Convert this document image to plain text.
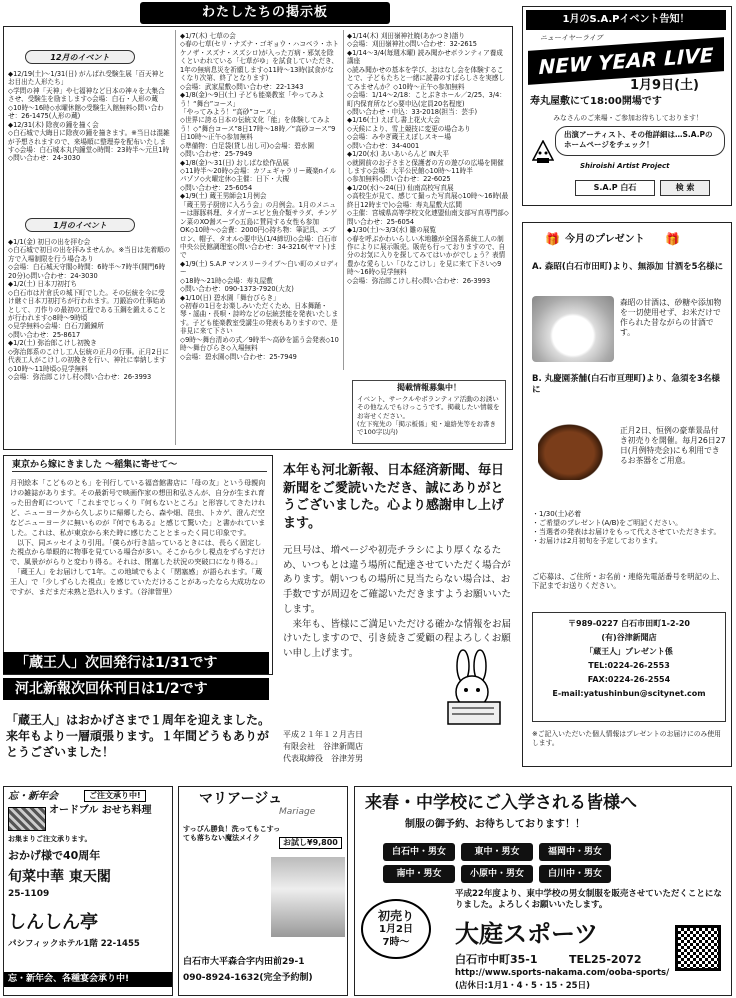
わたしたちの掲示板
12月のイベント
◆12/19(土)〜1/31(日) がんばれ受験生展「百天神とお目出た人形たち」
◇学問の神「天神」や七福神など日本の神々を大集合させ、受験生を励まします◇会場：白石・人形の蔵◇10時〜16時◇水曜休館◇受験生入館無料◇問い合わせ：26-1475(人形の蔵)
◆12/31(木) 除夜の鐘を撞く会
◇白石城で大晦日に除夜の鐘を撞きます。※当日は混雑が予想されますので、来場順に整理券を配布いたします◇会場：白石城本丸内鐘堂◇時間：23時半〜元旦1時◇問い合わせ：24-3030
1月のイベント
◆1/1(金) 初日の出を拝む会
◇白石城で初日の出を拝みませんか。※当日は先着順の方で入場制限を行う場合あり
◇会場：白石城天守閣◇時間：6時半〜7時半(開門6時20分)◇問い合わせ：24-3030
◆1/2(土) 日本刀初打ち
◇白石市は片倉氏の城下町でした。その伝統を今に受け継ぐ日本刀初打ちが行われます。刀鍛冶の仕事始めとして、刀作りの最初の工程である玉鋼を鍛えることが行われます◇8時〜9時頃
◇見学無料◇会場：白石刀鍛錬所
◇問い合わせ：25-8617
◆1/2(土) 弥治郎こけし初挽き
◇弥治郎系のこけし工人伝統の正月の行事。正月2日に代表工人がこけしの初挽きを行い、神社に奉納します◇10時〜11時頃◇見学無料
◇会場：弥治郎こけし村◇問い合わせ：26-3993
◆1/7(木) 七草の会
◇春の七草(セリ・ナズナ・ゴギョウ・ハコベラ・ホトケノザ・スズナ・スズシロ)が入った万病・邪気を除くといわれている「七草がゆ」を試食していただき、1年の無病息災を祈願します◇11時〜13時(試食がなくなり次第、終了となります)
◇会場：武家屋敷◇問い合わせ：22-1343
◆1/8(金)〜9日(土) 子ども能楽教室「やってみよう！“舞台”コース」
「やってみよう！“高砂”コース」
◇世界に誇る日本の伝統文化「能」を体験してみよう！◇“舞台コース”8日17時〜18時／“高砂コース”9日10時〜正午◇参加無料
◇準備物：白足袋(貸し出し可)◇会場：碧水園
◇問い合わせ：25-7949
◆1/8(金)〜31(日) おしばな絵作品展
◇11時半〜20時◇会場：カフェギャラリー蔵楽nイルパゾソ◇火曜定休◇主催：日下・大槻
◇問い合わせ：25-6054
◆1/9(土) 蔵王男師会1月例会
「蔵王男子厨房に入ろう会」の月例会。1月のメニューは豚豚料理、タイガーエビと魚介類サラダ、チンゲン菜のXO醤スープ◇五島に賛同する女性も参加OK◇10時〜◇会費：2000円◇持ち物：筆記具、エプロン、帽子、タオル◇要申込(1/4締切)◇会場：白石市中央公民館調理室◇問い合わせ：34-3216(ヤマト)まで
◆1/9(土) S.A.P マンスリーライブ〜白い町のメロディー
◇18時〜21時◇会場：寿丸屋敷
◇問い合わせ：090-1373-7920(大友)
◆1/10(日) 碧水園「舞台びらき」
◇初春の1日をお楽しみいただくため、日本舞踊・琴・謡曲・長唄・詩吟などの伝統芸能を発表いたします。子ども能楽教室受講生の発表もありますので、是非見に来て下さい
◇9時〜舞台清めの式／9時半〜高砂を謡う会発表◇10時〜舞台びらき◇入場無料
◇会場：碧水園◇問い合わせ：25-7949
◆1/14(木) 刈田嶺神社暁(あかつき)詣り
◇会場：刈田嶺神社◇問い合わせ：32-2615
◆1/14〜3/4(毎週木曜) 読み聞かせボランティア養成講座
◇読み聞かせの基本を学び、おはなし会を体験することで、子どもたちと一緒に読書のすばらしさを実感してみませんか？◇10時〜正午◇参加無料
◇会場：1/14〜2/18：ことぶきホール／2/25、3/4：町内保育所など◇要申込(定員20名程度)
◇問い合わせ・申込：33-2018(担当：芸手)
◆1/16(土) えぼし書上花火大会
◇天候により、雪上競技に変更の場合あり
◇会場：みやぎ蔵王えぼしスキー場
◇問い合わせ：34-4001
◆1/20(水) あいあいらんど IN大平
◇就園前のお子さまと保護者の方の遊びの広場を開催します◇会場：大平公民館◇10時〜11時半
◇参加無料◇問い合わせ：22-6025
◆1/20(水)〜24(日) 仙南高校写真展
◇高校生が見て、感じて撮った写真展◇10時〜16時(最終日12時まで)◇会場：寿丸屋敷大広間
◇主催：宮城県高等学校文化連盟仙南支部写真専門部◇問い合わせ：25-6054
◆1/30(土)〜3/3(水) 雛の展覧
◇春を呼ぶかわいらしい木地雛が全国各系統工人の制作によりに展示販売。販売も行っておりますので、自分のお気に入りを探してみてはいかがでしょう？表情豊かな愛らしい「ひなこけし」を見に来て下さい◇9時〜16時◇見学無料
◇会場：弥治郎こけし村◇問い合わせ：26-3993
掲載情報募集中！
イベント、サークルやボランティア活動のお誘いその他なんでもけっこうです。掲載したい情報をお寄せください。
(左下宛先の「掲示板係」宛・連絡先等をお書きで100字以内)
1月のS.A.Pイベント告知！
ニューイヤーライブ
NEW YEAR LIVE
1月9日(土)
寿丸屋敷にて18:00開場です
みなさんのご来場・ご参加お待ちしております！
出演アーティスト、その他詳細は…S.A.Pのホームページをチェック！
Shiroishi Artist Project
S.A.P 白石	検 索
🎁 今月のプレゼント 🎁
A. 森昭(白石市田町)より、無添加 甘酒を5名様に
森昭の甘酒は、砂糖や添加物を一切使用せず、お米だけで作られた昔ながらの甘酒です。
B. 丸慶園茶舗(白石市亘理町)より、急須を3名様に
正月2日、恒例の豪華景品付き初売りを開催。毎月26日27日(月例特売会)にも利用できるお茶器をご用意。
・1/30(土)必着
・ご希望のプレゼント(A/B)をご明記ください。
・当選者の発表はお届けをもって代えさせていただきます。
・お届けは2月初旬を予定しております。
ご応募は、ご住所・お名前・連絡先電話番号を明記の上、下記までお送りください。
〒989-0227 白石市田町1-2-20
(有)谷津新聞店
「蔵王人」プレゼント係
TEL:0224-26-2553
FAX:0224-26-2554
E-mail:yatushinbun@scitynet.com
※ご記入いただいた個人情報はプレゼントのお届けにのみ使用します。
東京から嫁にきました 〜稲集に寄せて〜
月刊絵本「こどものとも」を刊行している福音館書店に「母の友」という母親向けの雑誌があります。その最新号で映画作家の想田和弘さんが、自分が生まれ育った田舎町について「これまでじっくり『何もないところ』と形容してきたけれど、ニューヨークから久しぶりに帰郷したら、森や畑、昆虫、トカゲ、澄んだ空などニューヨークに無いものが『何でもある』と感じて驚いた」と書かれていました。これは、私が東京から来た時に感じたこととまったく同じ印象です。
　以下、同エッセイより引用。「僕らが行き詰っているときには、長らく固定した視点から単眼的に物事を見ている場合が多い。そこから少し視点をずらすだけで、風景ががらりと変わり得る。それは、閉塞した状況の突破口になり得る。」
　「蔵王人」をお届けして1年。この地域でもよく「閉塞感」が語られます。「蔵王人」で「少しずらした視点」を感じていただけることがあったなら大成功なのですが、まだまだ未熟と恐れ入ります。（谷津智里）
「蔵王人」次回発行は1/31です
河北新報次回休刊日は1/2です
「蔵王人」はおかげさまで１周年を迎えました。来年もより一層頑張ります。１年間どうもありがとうございました！
本年も河北新報、日本経済新聞、毎日新聞をご愛読いただき、誠にありがとうございました。心より感謝申し上げます。
元旦号は、増ページや初売チラシにより厚くなるため、いつもとは違う場所に配達させていただく場合があります。朝いつもの場所に見当たらない場合は、お手数ですが周辺をご確認いただきますようお願いいたします。
　来年も、皆様にご満足いただける確かな情報をお届けいたしますので、引き続きご愛顧の程よろしくお願い申し上げます。
平成２１年１２月吉日
有限会社　谷津新聞店
代表取締役　谷津芳男
忘・新年会	ご注文承り中!
オードブル おせち料理
お集まりご注文承ります。
おかげ様で40周年
旬菜中華 東天閣
25-1109
しんしん亭
パシフィックホテル1階 22-1455
忘・新年会、各種宴会承り中!
マリアージュ
Mariage
すっぴん勝負！洗ってもこすっても落ちない魔法メイク
お試し¥9,800
白石市大平森合字内田前29-1
090-8924-1632(完全予約制)
来春・中学校にご入学される皆様へ
制服の御予約、お待ちしております！！
白石中・男女	東中・男女	福岡中・男女
南中・男女	小原中・男女	白川中・男女
平成22年度より、東中学校の男女制服を販売させていただくことになりました。よろしくお願いいたします。
初売り
1月2日
7時〜	大庭スポーツ
白石市中町35-1	TEL25-2072
http://www.sports-nakama.com/ooba-sports/
(店休日:1月1・4・5・15・25日)
